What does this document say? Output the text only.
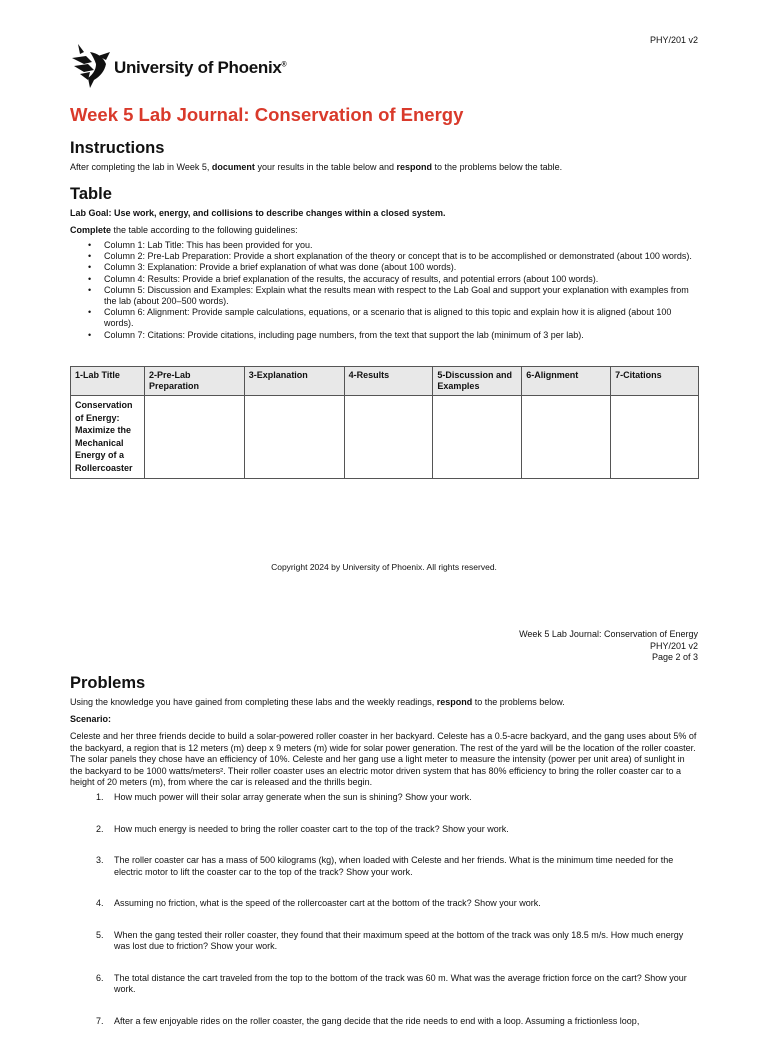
PHY/201 v2
University of Phoenix®
Week 5 Lab Journal: Conservation of Energy
Instructions
After completing the lab in Week 5, document your results in the table below and respond to the problems below the table.
Table
Lab Goal: Use work, energy, and collisions to describe changes within a closed system.
Complete the table according to the following guidelines:
• Column 1: Lab Title: This has been provided for you.
• Column 2: Pre-Lab Preparation: Provide a short explanation of the theory or concept that is to be accomplished or demonstrated (about 100 words).
• Column 3: Explanation: Provide a brief explanation of what was done (about 100 words).
• Column 4: Results: Provide a brief explanation of the results, the accuracy of results, and potential errors (about 100 words).
• Column 5: Discussion and Examples: Explain what the results mean with respect to the Lab Goal and support your explanation with examples from the lab (about 200–500 words).
• Column 6: Alignment: Provide sample calculations, equations, or a scenario that is aligned to this topic and explain how it is aligned (about 100 words).
• Column 7: Citations: Provide citations, including page numbers, from the text that support the lab (minimum of 3 per lab).
1-Lab Title	2-Pre-Lab Preparation	3-Explanation	4-Results	5-Discussion and Examples	6-Alignment	7-Citations
Conservation of Energy: Maximize the Mechanical Energy of a Rollercoaster						
Copyright 2024 by University of Phoenix. All rights reserved.
Week 5 Lab Journal: Conservation of Energy
PHY/201 v2
Page 2 of 3
Problems
Using the knowledge you have gained from completing these labs and the weekly readings, respond to the problems below.
Scenario:
Celeste and her three friends decide to build a solar-powered roller coaster in her backyard. Celeste has a 0.5-acre backyard, and the gang uses about 5% of the backyard, a region that is 12 meters (m) deep x 9 meters (m) wide for solar power generation. The rest of the yard will be the location of the roller coaster. The solar panels they chose have an efficiency of 10%. Celeste and her gang use a light meter to measure the intensity (power per unit area) of sunlight in the backyard to be 1000 watts/meters². Their roller coaster uses an electric motor driven system that has 80% efficiency to bring the roller coaster car to a height of 20 meters (m), from where the car is released and the thrills begin.
1. How much power will their solar array generate when the sun is shining? Show your work.
2. How much energy is needed to bring the roller coaster cart to the top of the track? Show your work.
3. The roller coaster car has a mass of 500 kilograms (kg), when loaded with Celeste and her friends. What is the minimum time needed for the electric motor to lift the coaster car to the top of the track? Show your work.
4. Assuming no friction, what is the speed of the rollercoaster cart at the bottom of the track? Show your work.
5. When the gang tested their roller coaster, they found that their maximum speed at the bottom of the track was only 18.5 m/s. How much energy was lost due to friction? Show your work.
6. The total distance the cart traveled from the top to the bottom of the track was 60 m. What was the average friction force on the cart? Show your work.
7. After a few enjoyable rides on the roller coaster, the gang decide that the ride needs to end with a loop. Assuming a frictionless loop,
